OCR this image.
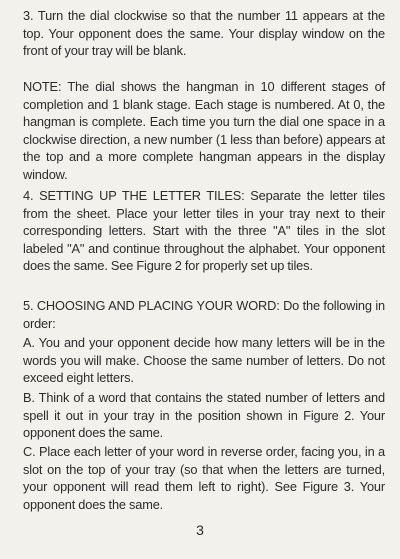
3. Turn the dial clockwise so that the number 11 appears at the top. Your opponent does the same. Your display window on the front of your tray will be blank.

NOTE: The dial shows the hangman in 10 different stages of completion and 1 blank stage. Each stage is numbered. At 0, the hangman is complete. Each time you turn the dial one space in a clockwise direction, a new number (1 less than before) appears at the top and a more complete hangman appears in the display window.

4. SETTING UP THE LETTER TILES: Separate the letter tiles from the sheet. Place your letter tiles in your tray next to their corresponding letters. Start with the three "A" tiles in the slot labeled "A" and continue throughout the alphabet. Your opponent does the same. See Figure 2 for properly set up tiles.

5. CHOOSING AND PLACING YOUR WORD: Do the following in order:

A. You and your opponent decide how many letters will be in the words you will make. Choose the same number of letters. Do not exceed eight letters.

B. Think of a word that contains the stated number of letters and spell it out in your tray in the position shown in Figure 2. Your opponent does the same.

C. Place each letter of your word in reverse order, facing you, in a slot on the top of your tray (so that when the letters are turned, your opponent will read them left to right). See Figure 3. Your opponent does the same.

3
